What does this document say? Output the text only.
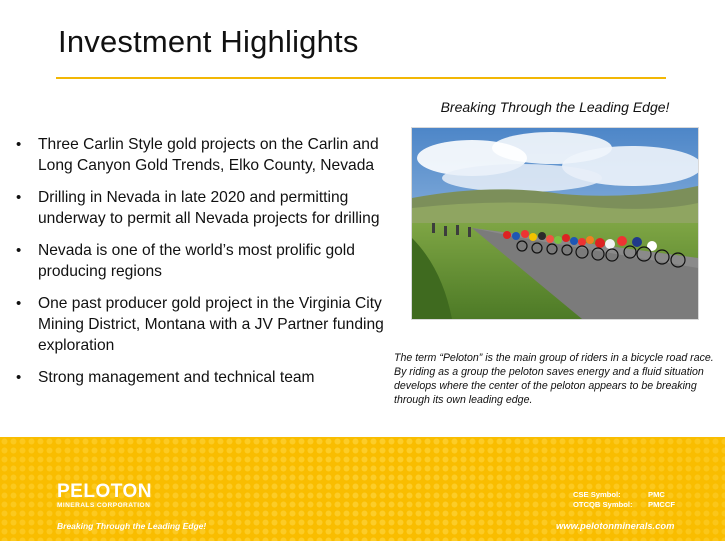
Investment Highlights
• Three Carlin Style gold projects on the Carlin and Long Canyon Gold Trends, Elko County, Nevada
• Drilling in Nevada in late 2020 and permitting underway to permit all Nevada projects for drilling
• Nevada is one of the world’s most prolific gold producing regions
• One past producer gold project in the Virginia City Mining District, Montana with a JV Partner funding exploration
• Strong management and technical team
Breaking Through the Leading Edge!
The term “Peloton” is the main group of riders in a bicycle road race. By riding as a group the peloton saves energy and a fluid situation develops where the center of the peloton appears to be breaking through its own leading edge.
PELOTON
MINERALS CORPORATION
Breaking Through the Leading Edge!
CSE Symbol:	PMC
OTCQB Symbol: PMCCF
www.pelotonminerals.com
